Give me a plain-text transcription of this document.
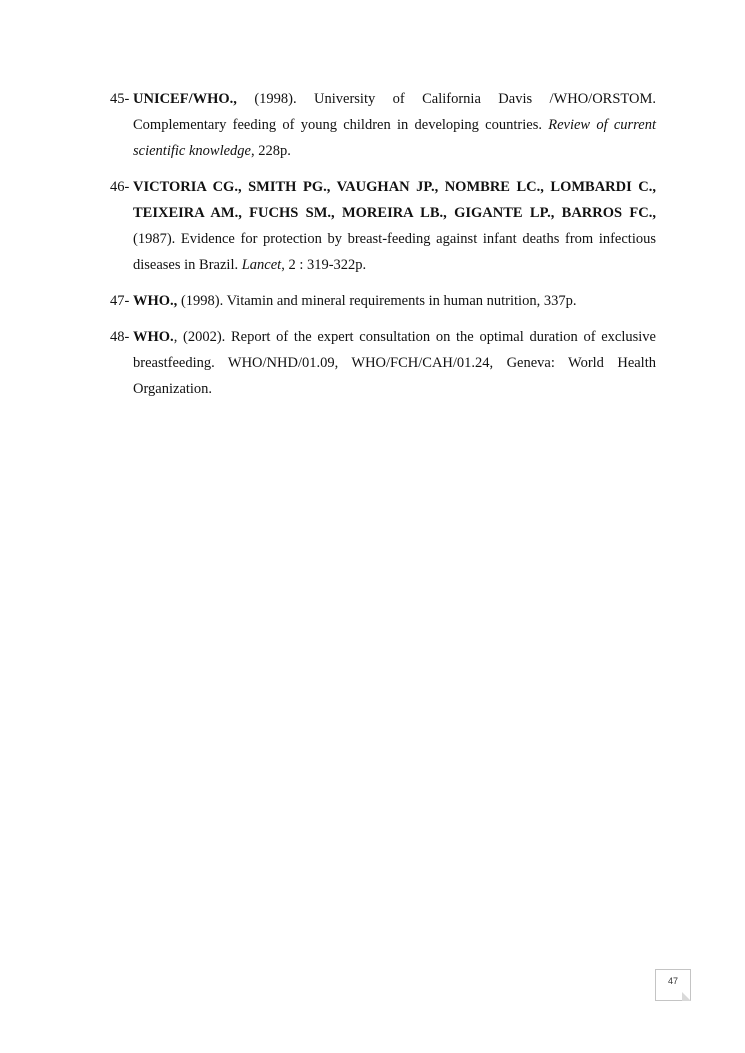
45- UNICEF/WHO., (1998). University of California Davis /WHO/ORSTOM. Complementary feeding of young children in developing countries. Review of current scientific knowledge, 228p.
46- VICTORIA CG., SMITH PG., VAUGHAN JP., NOMBRE LC., LOMBARDI C., TEIXEIRA AM., FUCHS SM., MOREIRA LB., GIGANTE LP., BARROS FC., (1987). Evidence for protection by breast-feeding against infant deaths from infectious diseases in Brazil. Lancet, 2 : 319-322p.
47- WHO., (1998). Vitamin and mineral requirements in human nutrition, 337p.
48- WHO., (2002). Report of the expert consultation on the optimal duration of exclusive breastfeeding. WHO/NHD/01.09, WHO/FCH/CAH/01.24, Geneva: World Health Organization.
47
